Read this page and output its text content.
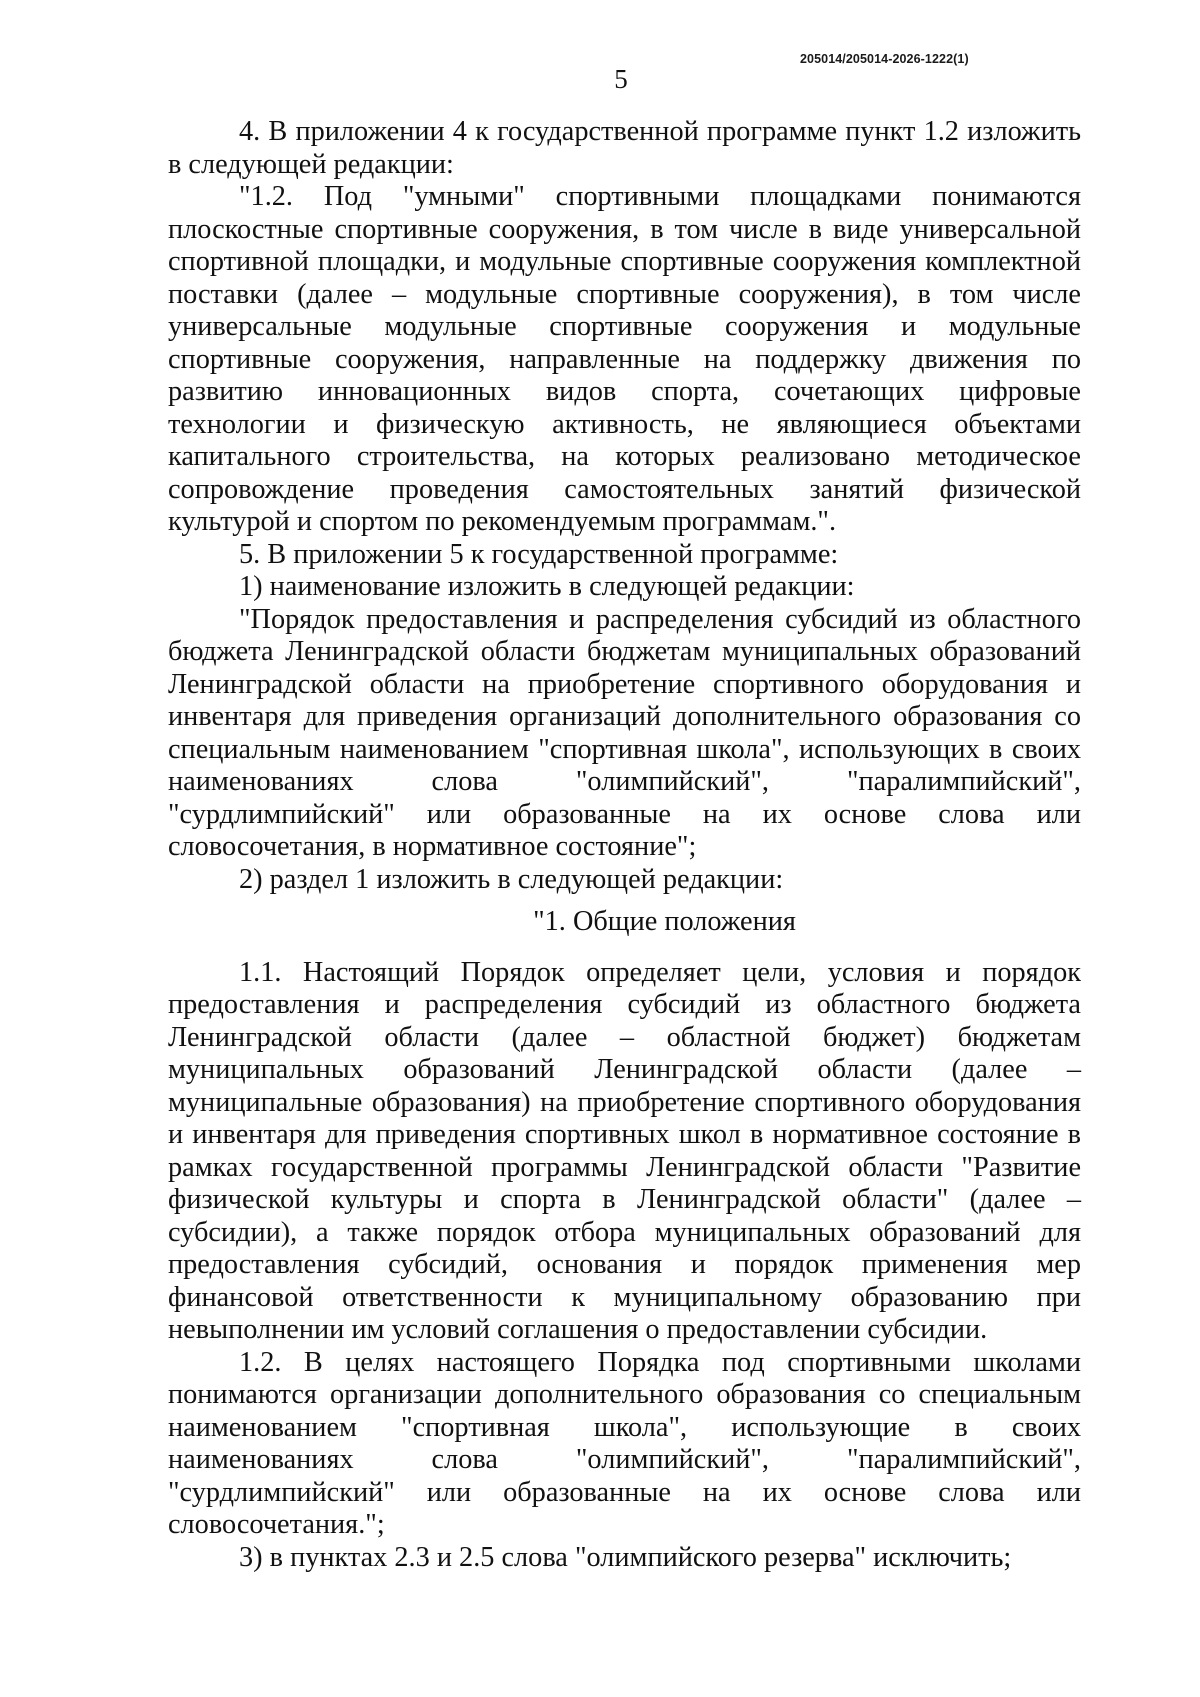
205014/205014-2026-1222(1)
5

4. В приложении 4 к государственной программе пункт 1.2 изложить в следующей редакции:

"1.2. Под "умными" спортивными площадками понимаются плоскостные спортивные сооружения, в том числе в виде универсальной спортивной площадки, и модульные спортивные сооружения комплектной поставки (далее – модульные спортивные сооружения), в том числе универсальные модульные спортивные сооружения и модульные спортивные сооружения, направленные на поддержку движения по развитию инновационных видов спорта, сочетающих цифровые технологии и физическую активность, не являющиеся объектами капитального строительства, на которых реализовано методическое сопровождение проведения самостоятельных занятий физической культурой и спортом по рекомендуемым программам.".

5. В приложении 5 к государственной программе:

1) наименование изложить в следующей редакции:

"Порядок предоставления и распределения субсидий из областного бюджета Ленинградской области бюджетам муниципальных образований Ленинградской области на приобретение спортивного оборудования и инвентаря для приведения организаций дополнительного образования со специальным наименованием "спортивная школа", использующих в своих наименованиях слова "олимпийский", "паралимпийский", "сурдлимпийский" или образованные на их основе слова или словосочетания, в нормативное состояние";

2) раздел 1 изложить в следующей редакции:

"1. Общие положения

1.1. Настоящий Порядок определяет цели, условия и порядок предоставления и распределения субсидий из областного бюджета Ленинградской области (далее – областной бюджет) бюджетам муниципальных образований Ленинградской области (далее – муниципальные образования) на приобретение спортивного оборудования и инвентаря для приведения спортивных школ в нормативное состояние в рамках государственной программы Ленинградской области "Развитие физической культуры и спорта в Ленинградской области" (далее – субсидии), а также порядок отбора муниципальных образований для предоставления субсидий, основания и порядок применения мер финансовой ответственности к муниципальному образованию при невыполнении им условий соглашения о предоставлении субсидии.

1.2. В целях настоящего Порядка под спортивными школами понимаются организации дополнительного образования со специальным наименованием "спортивная школа", использующие в своих наименованиях слова "олимпийский", "паралимпийский", "сурдлимпийский" или образованные на их основе слова или словосочетания.";

3) в пунктах 2.3 и 2.5 слова "олимпийского резерва" исключить;
